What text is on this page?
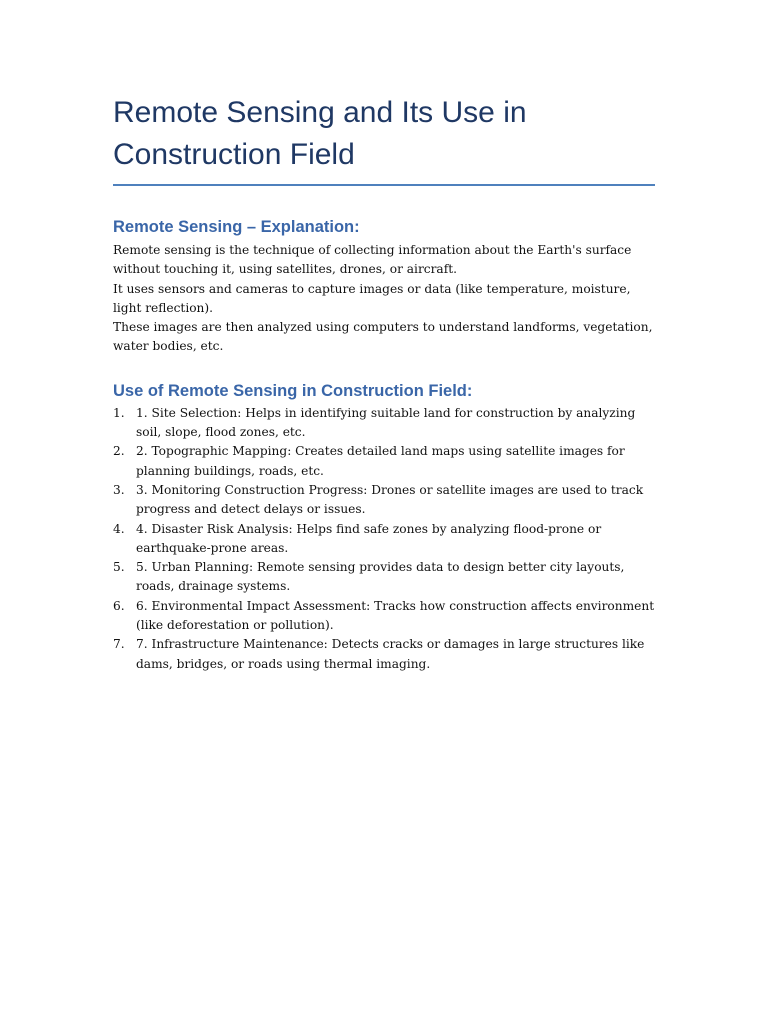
Remote Sensing and Its Use in Construction Field
Remote Sensing – Explanation:

Remote sensing is the technique of collecting information about the Earth's surface without touching it, using satellites, drones, or aircraft.

It uses sensors and cameras to capture images or data (like temperature, moisture, light reflection).

These images are then analyzed using computers to understand landforms, vegetation, water bodies, etc.

Use of Remote Sensing in Construction Field:
1. 1. Site Selection: Helps in identifying suitable land for construction by analyzing soil, slope, flood zones, etc.
2. 2. Topographic Mapping: Creates detailed land maps using satellite images for planning buildings, roads, etc.
3. 3. Monitoring Construction Progress: Drones or satellite images are used to track progress and detect delays or issues.
4. 4. Disaster Risk Analysis: Helps find safe zones by analyzing flood-prone or earthquake-prone areas.
5. 5. Urban Planning: Remote sensing provides data to design better city layouts, roads, drainage systems.
6. 6. Environmental Impact Assessment: Tracks how construction affects environment (like deforestation or pollution).
7. 7. Infrastructure Maintenance: Detects cracks or damages in large structures like dams, bridges, or roads using thermal imaging.
